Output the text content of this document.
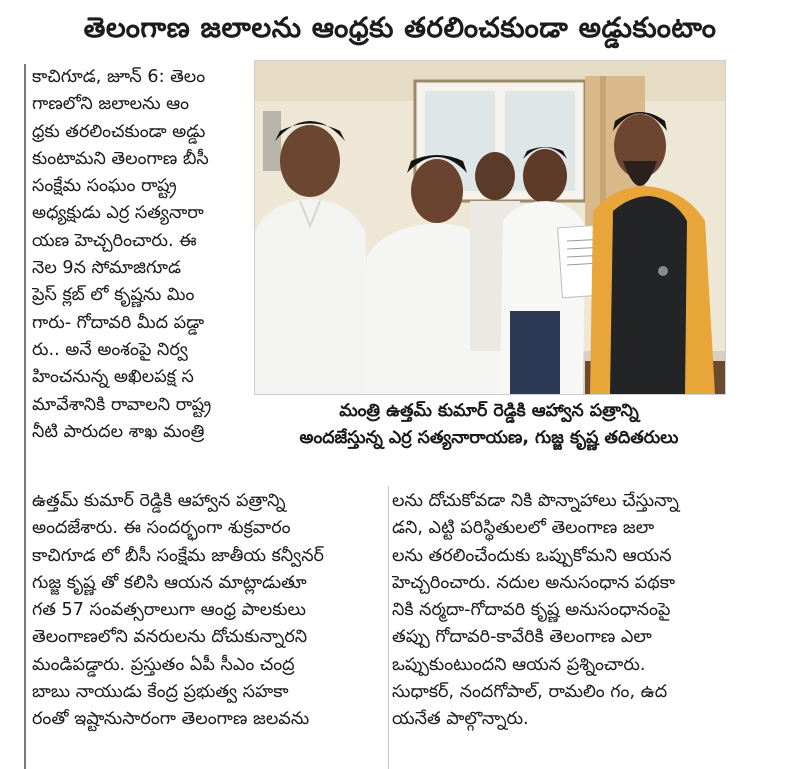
తెలంగాణ జలాలను ఆంధ్రకు తరలించకుండా అడ్డుకుంటాం
కాచిగూడ, జూన్ 6: తెలం
గాణలోని జలాలను ఆం
ధ్రకు తరలించకుండా అడ్డు
కుంటామని తెలంగాణ బీసీ
సంక్షేమ సంఘం రాష్ట్ర
అధ్యక్షుడు ఎర్ర సత్యనారా
యణ హెచ్చరించారు. ఈ
నెల 9న సోమాజిగూడ
ప్రెస్ క్లబ్ లో కృష్ణను మిం
గారు- గోదావరి మీద పడ్డా
రు.. అనే అంశంపై నిర్వ
హించనున్న అఖిలపక్ష స
మావేశానికి రావాలని రాష్ట్ర
నీటి పారుదల శాఖ మంత్రి
మంత్రి ఉత్తమ్ కుమార్ రెడ్డికి ఆహ్వాన పత్రాన్ని
అందజేస్తున్న ఎర్ర సత్యనారాయణ, గుజ్జ కృష్ణ తదితరులు
ఉత్తమ్ కుమార్ రెడ్డికి ఆహ్వాన పత్రాన్ని
అందజేశారు. ఈ సందర్భంగా శుక్రవారం
కాచిగూడ లో బీసీ సంక్షేమ జాతీయ కన్వీనర్
గుజ్జ కృష్ణ తో కలిసి ఆయన మాట్లాడుతూ
గత 57 సంవత్సరాలుగా ఆంధ్ర పాలకులు
తెలంగాణలోని వనరులను దోచుకున్నారని
మండిపడ్డారు. ప్రస్తుతం ఏపీ సీఎం చంద్ర
బాబు నాయుడు కేంద్ర ప్రభుత్వ సహకా
రంతో ఇష్టానుసారంగా తెలంగాణ జలవను
లను దోచుకోవడా నికి పొన్నాహాలు చేస్తున్నా
డని, ఎట్టి పరిస్థితులలో తెలంగాణ జలా
లను తరలించేందుకు ఒప్పుకోమని ఆయన
హెచ్చరించారు. నదుల అనుసంధాన పథకా
నికి నర్మదా-గోదావరి కృష్ణ అనుసంధానంపై
తప్పు గోదావరి-కావేరికి తెలంగాణ ఎలా
ఒప్పుకుంటుందని ఆయన ప్రశ్నించారు.
సుధాకర్, నందగోపాల్, రామలిం గం, ఉద
యనేత పాల్గొన్నారు.
